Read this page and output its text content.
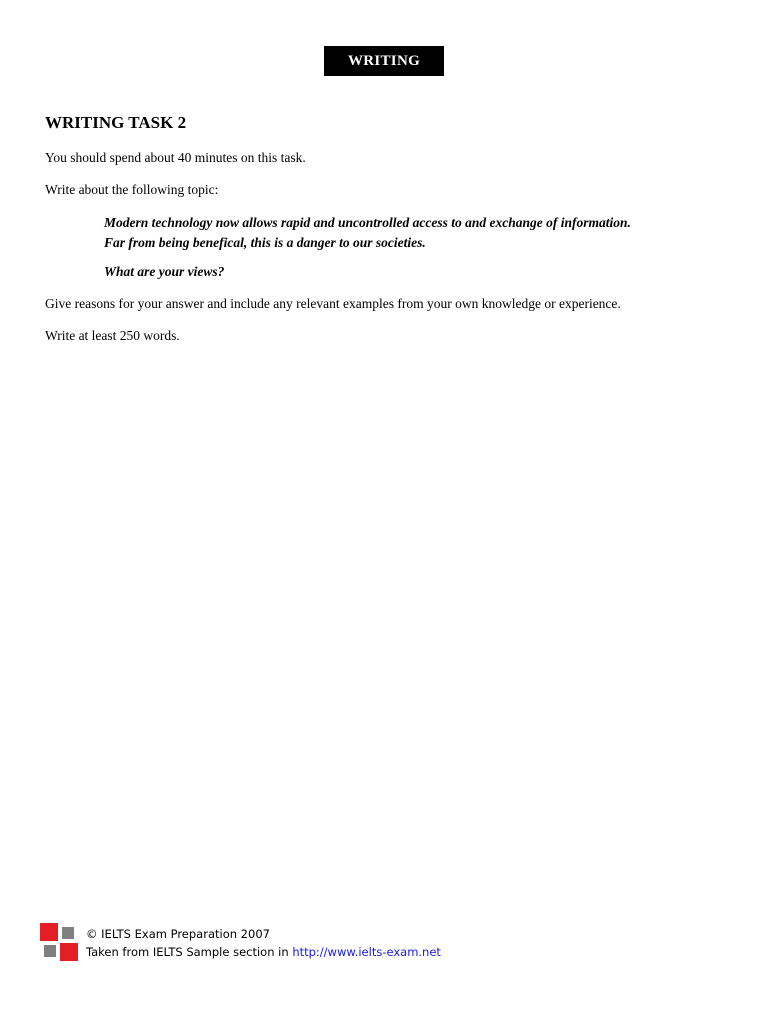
WRITING
WRITING TASK 2

You should spend about 40 minutes on this task.

Write about the following topic:

Modern technology now allows rapid and uncontrolled access to and exchange of information.
Far from being benefical, this is a danger to our societies.
What are your views?

Give reasons for your answer and include any relevant examples from your own knowledge or experience.

Write at least 250 words.

© IELTS Exam Preparation 2007
Taken from IELTS Sample section in http://www.ielts-exam.net
